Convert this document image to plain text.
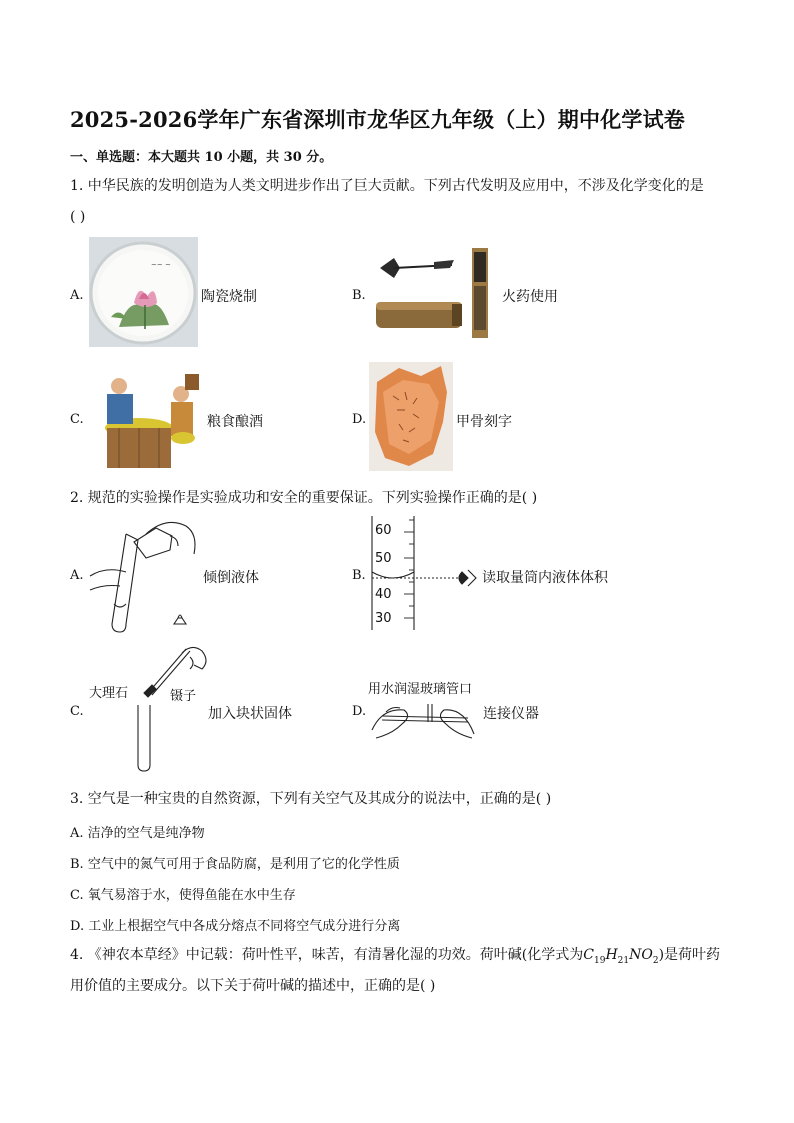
2025-2026学年广东省深圳市龙华区九年级（上）期中化学试卷
一、单选题：本大题共 10 小题，共 30 分。
1. 中华民族的发明创造为人类文明进步作出了巨大贡献。下列古代发明及应用中，不涉及化学变化的是
( )
A.
~~ ~
陶瓷烧制	B.	火药使用
C.	粮食酿酒	D.	甲骨刻字
2. 规范的实验操作是实验成功和安全的重要保证。下列实验操作正确的是( )
A.	倾倒液体	B.
60
50
40
30
读取量筒内液体体积
C.
大理石	镊子
加入块状固体	D.
用水润湿玻璃管口
连接仪器
3. 空气是一种宝贵的自然资源，下列有关空气及其成分的说法中，正确的是( )
A. 洁净的空气是纯净物
B. 空气中的氮气可用于食品防腐，是利用了它的化学性质
C. 氧气易溶于水，使得鱼能在水中生存
D. 工业上根据空气中各成分熔点不同将空气成分进行分离
4. 《神农本草经》中记载：荷叶性平，味苦，有清暑化湿的功效。荷叶碱(化学式为$C_{19}H_{21}NO_2$)是荷叶药
用价值的主要成分。以下关于荷叶碱的描述中，正确的是( )
